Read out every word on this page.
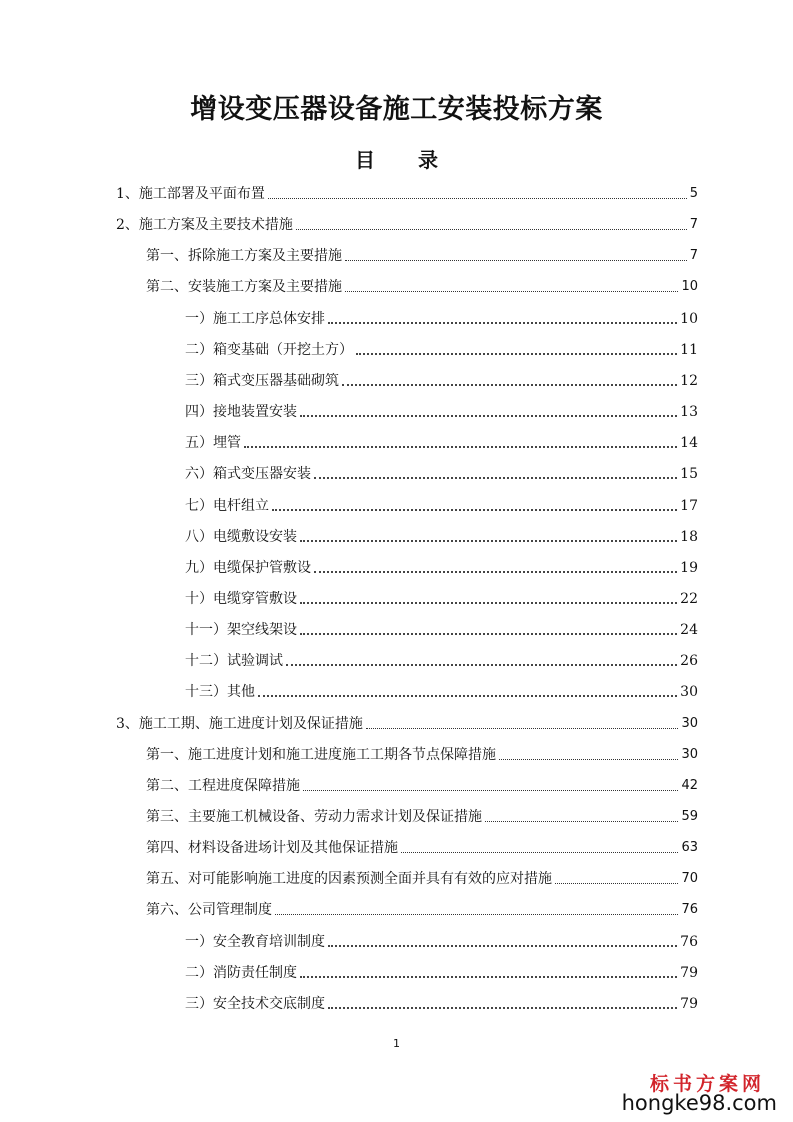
增设变压器设备施工安装投标方案
目 录
1、施工部署及平面布置	5
2、施工方案及主要技术措施	7
第一、拆除施工方案及主要措施	7
第二、安装施工方案及主要措施	10
一）施工工序总体安排	10
二）箱变基础（开挖土方）	11
三）箱式变压器基础砌筑	12
四）接地装置安装	13
五）埋管	14
六）箱式变压器安装	15
七）电杆组立	17
八）电缆敷设安装	18
九）电缆保护管敷设	19
十）电缆穿管敷设	22
十一）架空线架设	24
十二）试验调试	26
十三）其他	30
3、施工工期、施工进度计划及保证措施	30
第一、施工进度计划和施工进度施工工期各节点保障措施	30
第二、工程进度保障措施	42
第三、主要施工机械设备、劳动力需求计划及保证措施	59
第四、材料设备进场计划及其他保证措施	63
第五、对可能影响施工进度的因素预测全面并具有有效的应对措施	70
第六、公司管理制度	76
一）安全教育培训制度	76
二）消防责任制度	79
三）安全技术交底制度	79
1
标书方案网
hongke98.com
